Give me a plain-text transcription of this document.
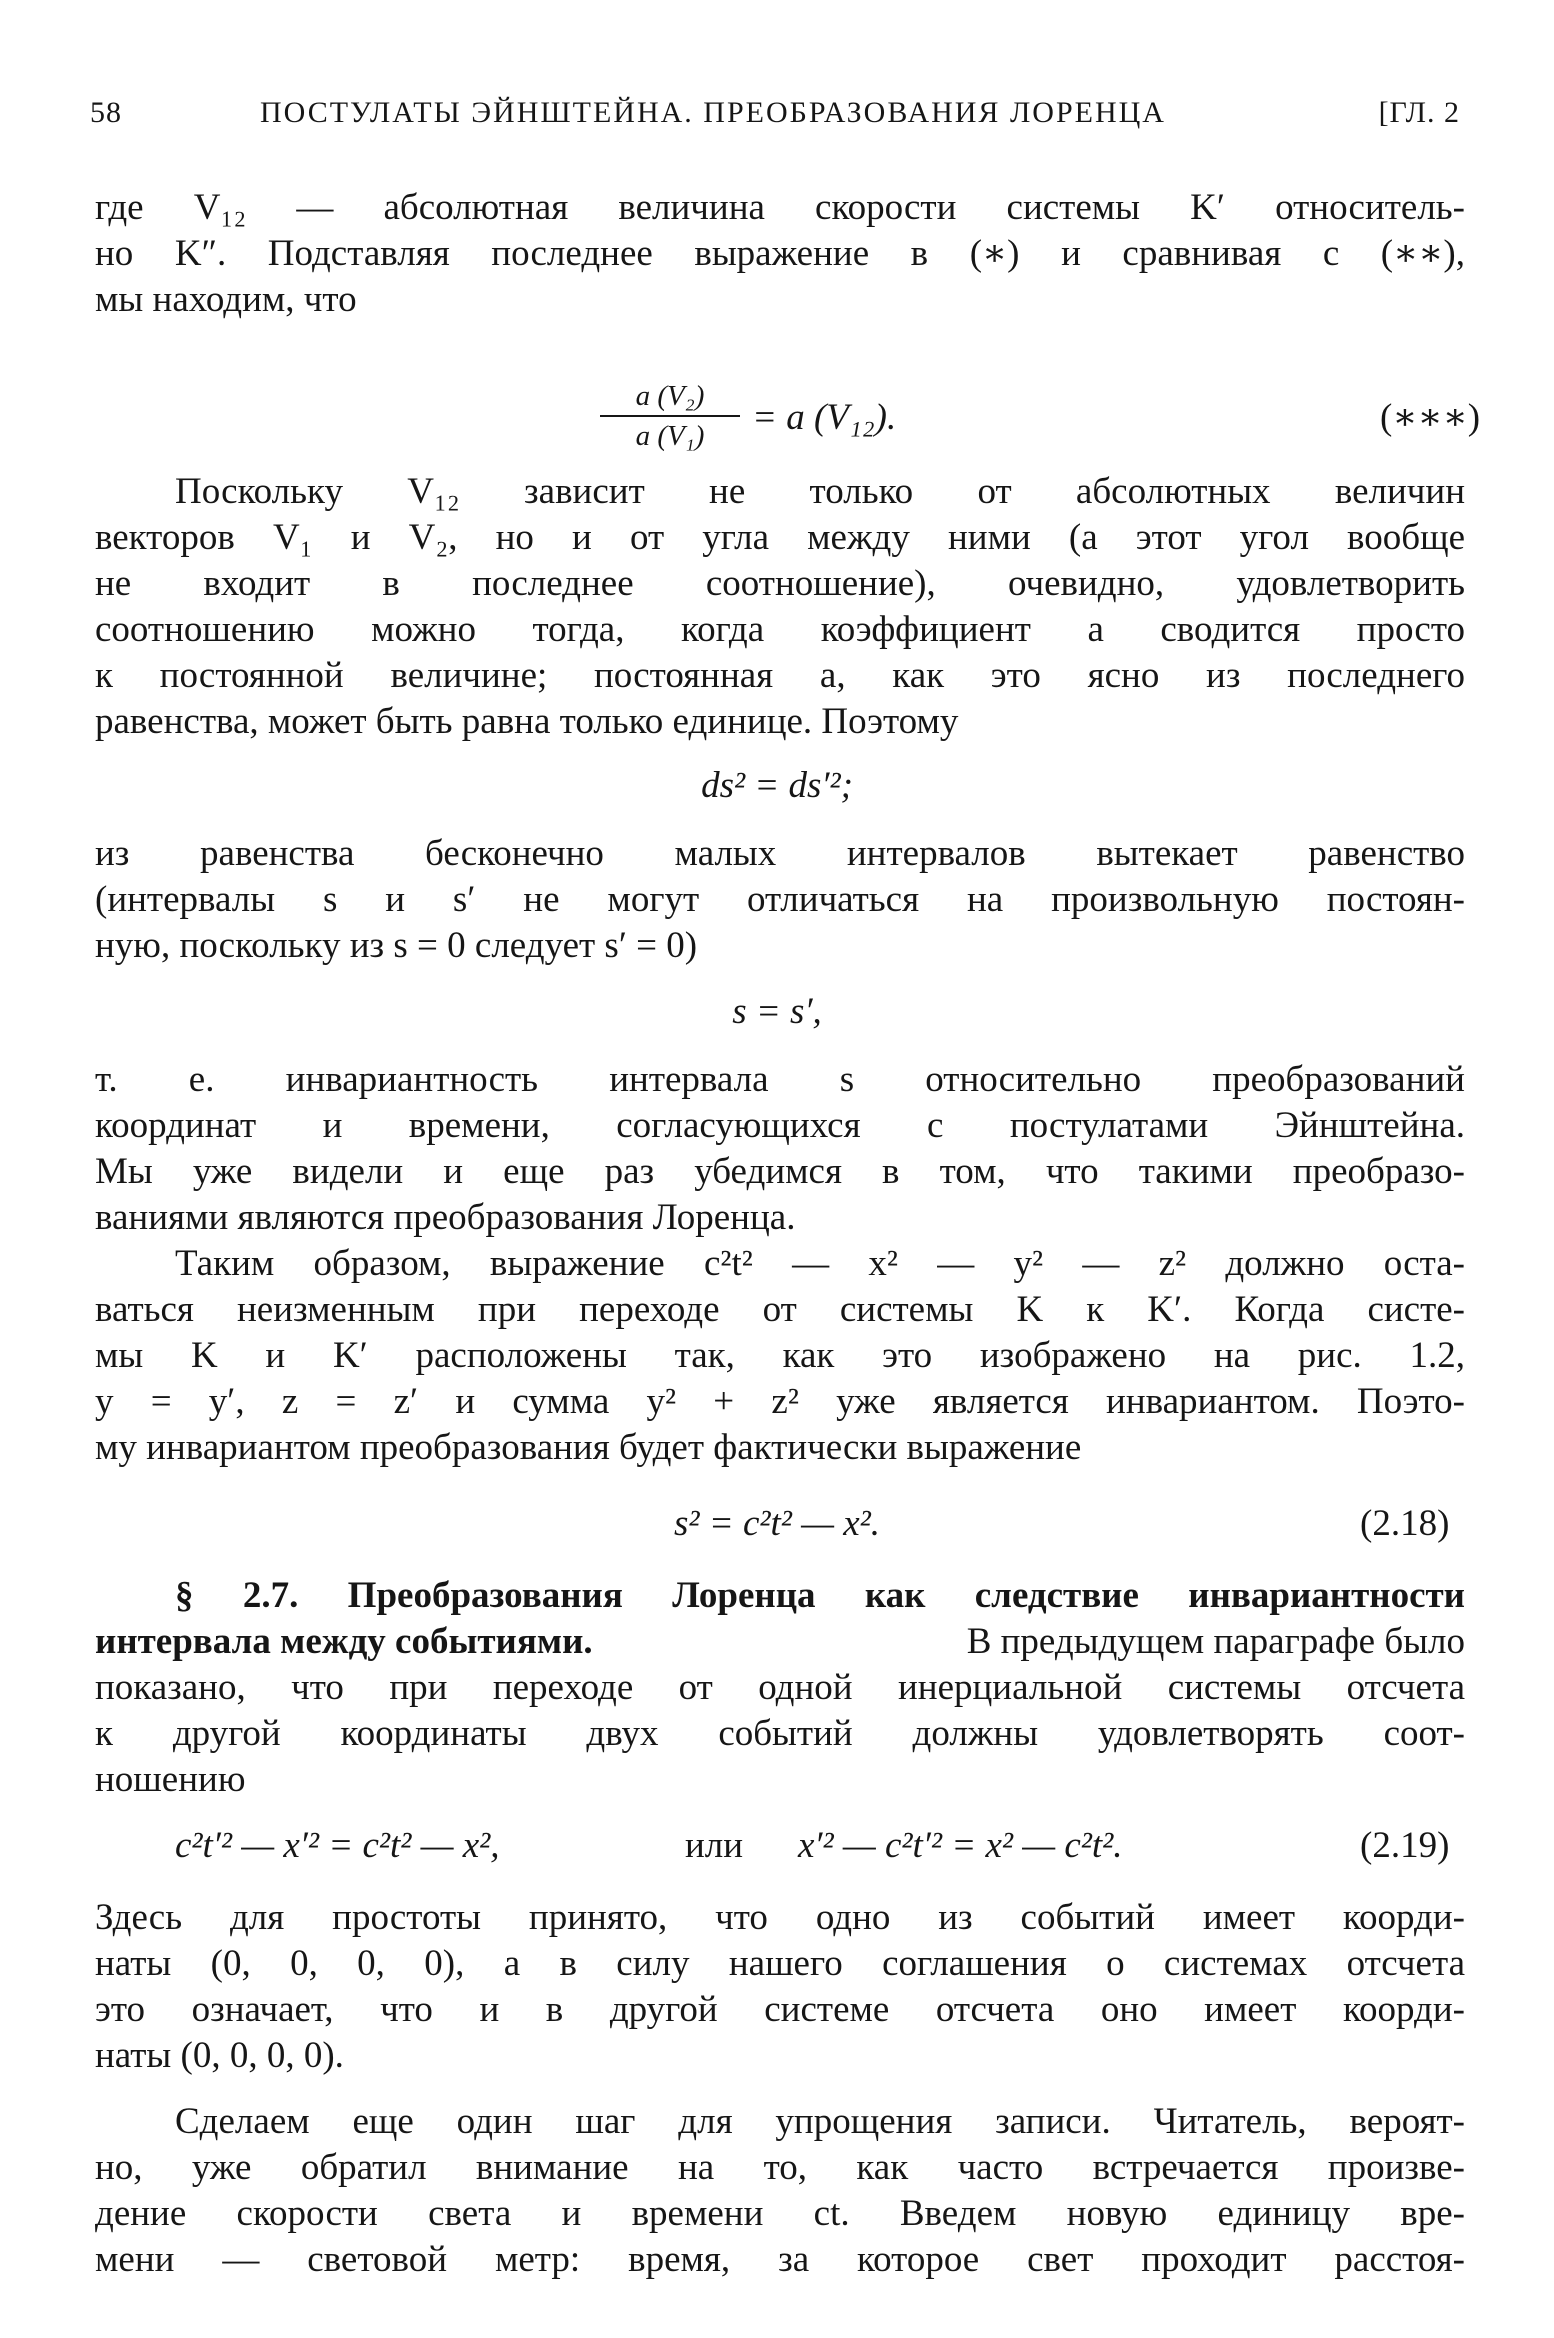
58	ПОСТУЛАТЫ ЭЙНШТЕЙНА. ПРЕОБРАЗОВАНИЯ ЛОРЕНЦА	[ГЛ. 2
где V₁₂ — абсолютная величина скорости системы K′ относитель-
но K″. Подставляя последнее выражение в (∗) и сравнивая с (∗∗),
мы находим, что
a (V₂)
a (V₁)	= a (V₁₂).	(∗∗∗)
Поскольку V₁₂ зависит не только от абсолютных величин
векторов V₁ и V₂, но и от угла между ними (а этот угол вообще
не входит в последнее соотношение), очевидно, удовлетворить
соотношению можно тогда, когда коэффициент a сводится просто
к постоянной величине; постоянная a, как это ясно из последнего
равенства, может быть равна только единице. Поэтому
ds² = ds′²;
из равенства бесконечно малых интервалов вытекает равенство
(интервалы s и s′ не могут отличаться на произвольную постоян-
ную, поскольку из s = 0 следует s′ = 0)
s = s′,
т. е. инвариантность интервала s относительно преобразований
координат и времени, согласующихся с постулатами Эйнштейна.
Мы уже видели и еще раз убедимся в том, что такими преобразо-
ваниями являются преобразования Лоренца.
Таким образом, выражение c²t² — x² — y² — z² должно оста-
ваться неизменным при переходе от системы K к K′. Когда систе-
мы K и K′ расположены так, как это изображено на рис. 1.2,
y = y′, z = z′ и сумма y² + z² уже является инвариантом. Поэто-
му инвариантом преобразования будет фактически выражение
s² = c²t² — x².	(2.18)
§ 2.7. Преобразования Лоренца как следствие инвариантности
интервала между событиями.	В предыдущем параграфе было
показано, что при переходе от одной инерциальной системы отсчета
к другой координаты двух событий должны удовлетворять соот-
ношению
c²t′² — x′² = c²t² — x²,	или x′² — c²t′² = x² — c²t².	(2.19)
Здесь для простоты принято, что одно из событий имеет коорди-
наты (0, 0, 0, 0), а в силу нашего соглашения о системах отсчета
это означает, что и в другой системе отсчета оно имеет коорди-
наты (0, 0, 0, 0).
Сделаем еще один шаг для упрощения записи. Читатель, вероят-
но, уже обратил внимание на то, как часто встречается произве-
дение скорости света и времени ct. Введем новую единицу вре-
мени — световой метр: время, за которое свет проходит расстоя-
